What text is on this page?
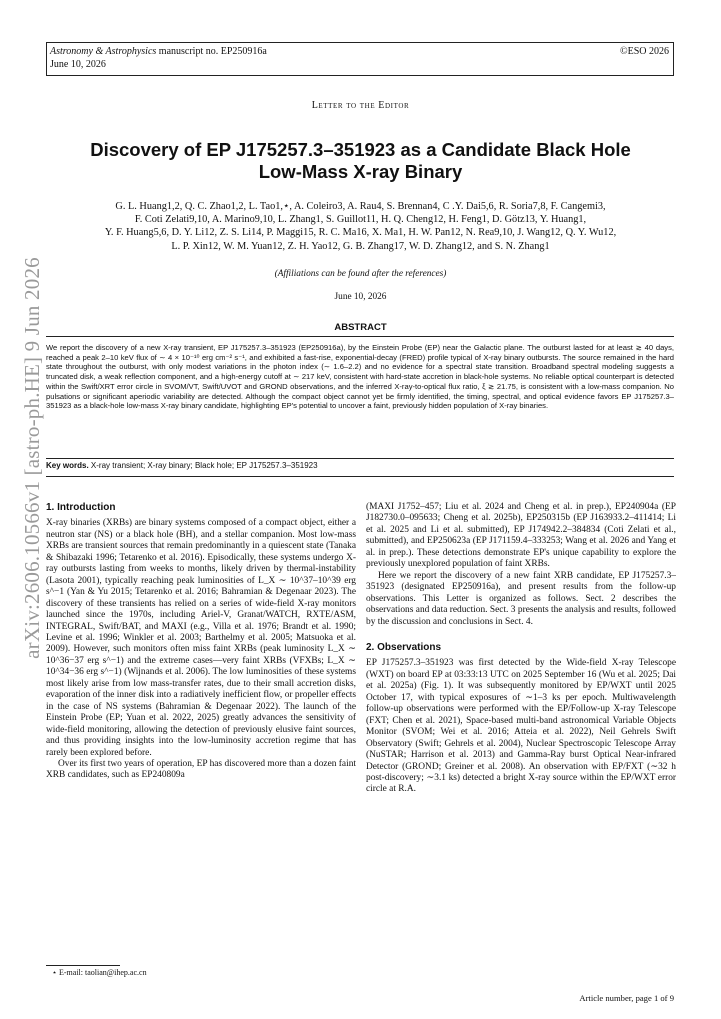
arXiv:2606.10566v1 [astro-ph.HE] 9 Jun 2026
Astronomy & Astrophysics manuscript no. EP250916a
June 10, 2026
©ESO 2026
Letter to the Editor
Discovery of EP J175257.3–351923 as a Candidate Black Hole
Low-Mass X-ray Binary
G. L. Huang1,2, Q. C. Zhao1,2, L. Tao1,⋆, A. Coleiro3, A. Rau4, S. Brennan4, C .Y. Dai5,6, R. Soria7,8, F. Cangemi3,
F. Coti Zelati9,10, A. Marino9,10, L. Zhang1, S. Guillot11, H. Q. Cheng12, H. Feng1, D. Götz13, Y. Huang1,
Y. F. Huang5,6, D. Y. Li12, Z. S. Li14, P. Maggi15, R. C. Ma16, X. Ma1, H. W. Pan12, N. Rea9,10, J. Wang12, Q. Y. Wu12,
L. P. Xin12, W. M. Yuan12, Z. H. Yao12, G. B. Zhang17, W. D. Zhang12, and S. N. Zhang1
(Affiliations can be found after the references)
June 10, 2026
ABSTRACT
We report the discovery of a new X-ray transient, EP J175257.3–351923 (EP250916a), by the Einstein Probe (EP) near the Galactic plane. The outburst lasted for at least ≳ 40 days, reached a peak 2–10 keV flux of ∼ 4 × 10⁻¹⁰ erg cm⁻² s⁻¹, and exhibited a fast-rise, exponential-decay (FRED) profile typical of X-ray binary outbursts. The source remained in the hard state throughout the outburst, with only modest variations in the photon index (∼ 1.6–2.2) and no evidence for a spectral state transition. Broadband spectral modeling suggests a truncated disk, a weak reflection component, and a high-energy cutoff at ∼ 217 keV, consistent with hard-state accretion in black-hole systems. No reliable optical counterpart is detected within the Swift/XRT error circle in SVOM/VT, Swift/UVOT and GROND observations, and the inferred X-ray-to-optical flux ratio, ξ ≳ 21.75, is consistent with a low-mass companion. No pulsations or significant aperiodic variability are detected. Although the compact object cannot yet be firmly identified, the timing, spectral, and optical evidence favors EP J175257.3–351923 as a black-hole low-mass X-ray binary candidate, highlighting EP's potential to uncover a faint, previously hidden population of X-ray binaries.
Key words. X-ray transient; X-ray binary; Black hole; EP J175257.3–351923
1. Introduction
X-ray binaries (XRBs) are binary systems composed of a compact object, either a neutron star (NS) or a black hole (BH), and a stellar companion. Most low-mass XRBs are transient sources that remain predominantly in a quiescent state (Tanaka & Shibazaki 1996; Tetarenko et al. 2016). Episodically, these systems undergo X-ray outbursts lasting from weeks to months, likely driven by thermal-instability (Lasota 2001), typically reaching peak luminosities of L_X ∼ 10^37–10^39 erg s^−1 (Yan & Yu 2015; Tetarenko et al. 2016; Bahramian & Degenaar 2023). The discovery of these transients has relied on a series of wide-field X-ray monitors launched since the 1970s, including Ariel-V, Granat/WATCH, RXTE/ASM, INTEGRAL, Swift/BAT, and MAXI (e.g., Villa et al. 1976; Brandt et al. 1990; Levine et al. 1996; Winkler et al. 2003; Barthelmy et al. 2005; Matsuoka et al. 2009). However, such monitors often miss faint XRBs (peak luminosity L_X ∼ 10^36−37 erg s^−1) and the extreme cases—very faint XRBs (VFXBs; L_X ∼ 10^34−36 erg s^−1) (Wijnands et al. 2006). The low luminosities of these systems most likely arise from low mass-transfer rates, due to their small accretion disks, evaporation of the inner disk into a radiatively inefficient flow, or propeller effects in the case of NS systems (Bahramian & Degenaar 2022). The launch of the Einstein Probe (EP; Yuan et al. 2022, 2025) greatly advances the sensitivity of wide-field monitoring, allowing the detection of previously elusive faint sources, and thus providing insights into the low-luminosity accretion regime that has rarely been explored before.
Over its first two years of operation, EP has discovered more than a dozen faint XRB candidates, such as EP240809a
(MAXI J1752–457; Liu et al. 2024 and Cheng et al. in prep.), EP240904a (EP J182730.0–095633; Cheng et al. 2025b), EP250315b (EP J163933.2–411414; Li et al. 2025 and Li et al. submitted), EP J174942.2–384834 (Coti Zelati et al., submitted), and EP250623a (EP J171159.4–333253; Wang et al. 2026 and Yang et al. in prep.). These detections demonstrate EP's unique capability to explore the previously unexplored population of faint XRBs.
Here we report the discovery of a new faint XRB candidate, EP J175257.3–351923 (designated EP250916a), and present results from the follow-up observations. This Letter is organized as follows. Sect. 2 describes the observations and data reduction. Sect. 3 presents the analysis and results, followed by the discussion and conclusions in Sect. 4.
2. Observations
EP J175257.3–351923 was first detected by the Wide-field X-ray Telescope (WXT) on board EP at 03:33:13 UTC on 2025 September 16 (Wu et al. 2025; Dai et al. 2025a) (Fig. 1). It was subsequently monitored by EP/WXT until 2025 October 17, with typical exposures of ∼1–3 ks per epoch. Multiwavelength follow-up observations were performed with the EP/Follow-up X-ray Telescope (FXT; Chen et al. 2021), Space-based multi-band astronomical Variable Objects Monitor (SVOM; Wei et al. 2016; Atteia et al. 2022), Neil Gehrels Swift Observatory (Swift; Gehrels et al. 2004), Nuclear Spectroscopic Telescope Array (NuSTAR; Harrison et al. 2013) and Gamma-Ray burst Optical Near-infrared Detector (GROND; Greiner et al. 2008). An observation with EP/FXT (∼32 h post-discovery; ∼3.1 ks) detected a bright X-ray source within the EP/WXT error circle at R.A.
⋆ E-mail: taolian@ihep.ac.cn
Article number, page 1 of 9
